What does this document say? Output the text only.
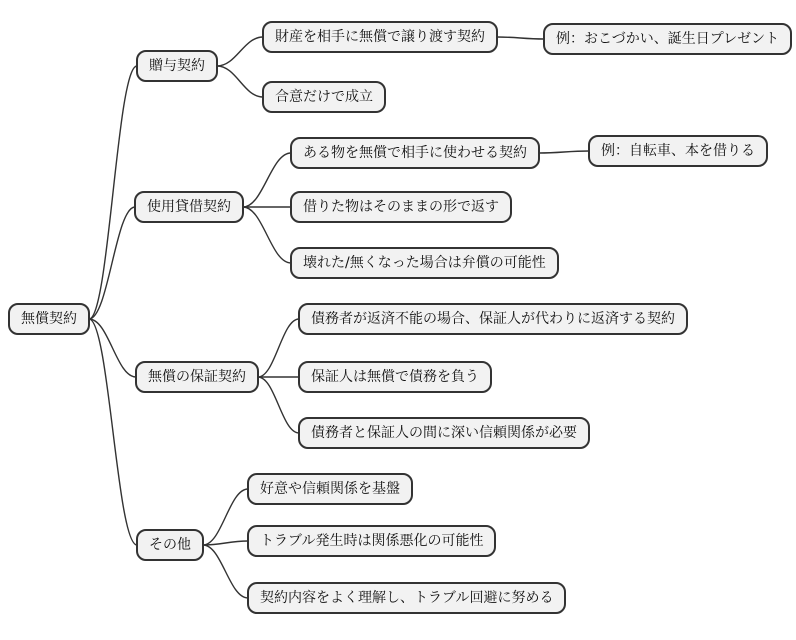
無償契約
贈与契約
財産を相手に無償で譲り渡す契約	例：おこづかい、誕生日プレゼント
合意だけで成立
使用貸借契約
ある物を無償で相手に使わせる契約	例：自転車、本を借りる
借りた物はそのままの形で返す
壊れた/無くなった場合は弁償の可能性
無償の保証契約
債務者が返済不能の場合、保証人が代わりに返済する契約
保証人は無償で債務を負う
債務者と保証人の間に深い信頼関係が必要
その他
好意や信頼関係を基盤
トラブル発生時は関係悪化の可能性
契約内容をよく理解し、トラブル回避に努める
